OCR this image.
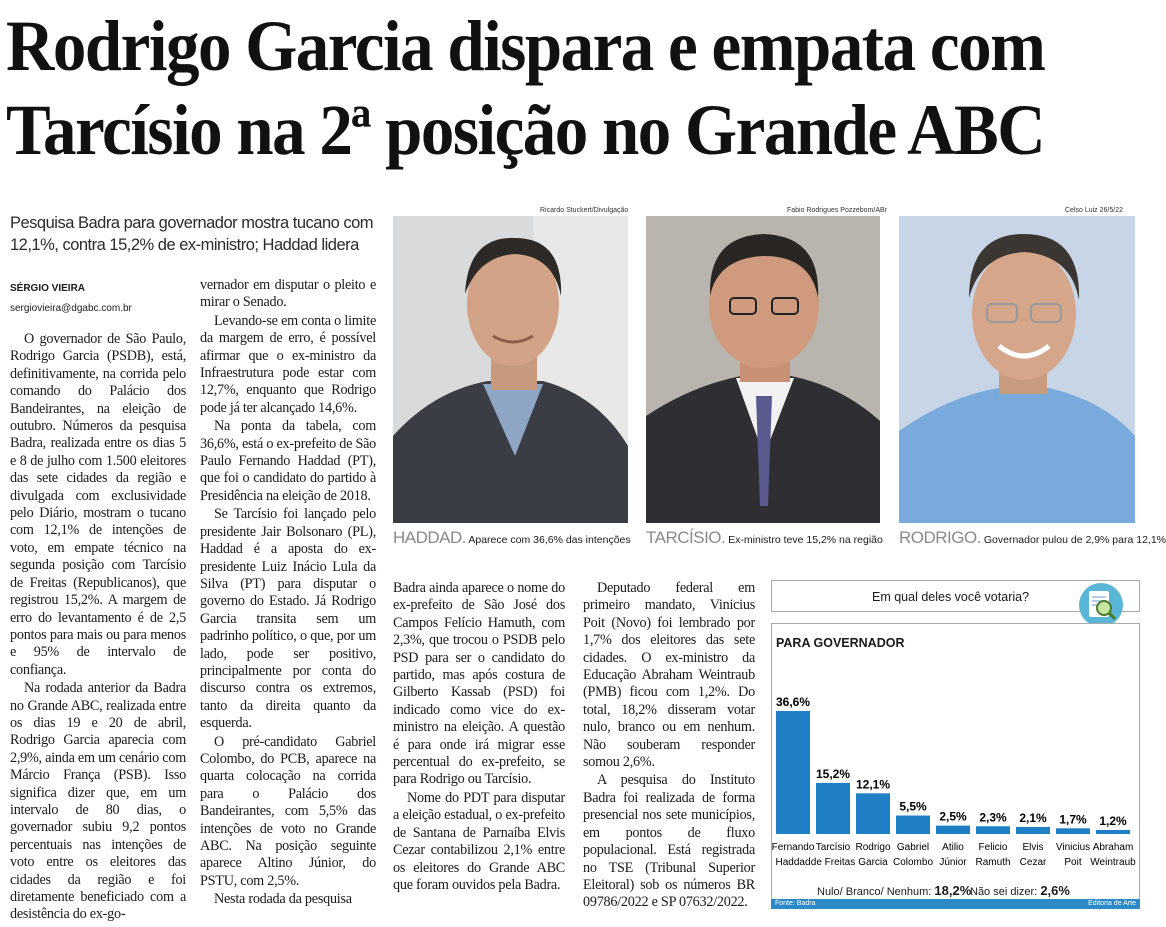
Rodrigo Garcia dispara e empata com
Tarcísio na 2ª posição no Grande ABC
Pesquisa Badra para governador mostra tucano com 12,1%, contra 15,2% de ex-ministro; Haddad lidera
SÉRGIO VIEIRA
sergiovieira@dgabc.com.br

O governador de São Paulo, Rodrigo Garcia (PSDB), está, definitivamente, na corrida pelo comando do Palácio dos Bandeirantes, na eleição de outubro. Números da pesquisa Badra, realizada entre os dias 5 e 8 de julho com 1.500 eleitores das sete cidades da região e divulgada com exclusividade pelo Diário, mostram o tucano com 12,1% de intenções de voto, em empate técnico na segunda posição com Tarcísio de Freitas (Republicanos), que registrou 15,2%. A margem de erro do levantamento é de 2,5 pontos para mais ou para menos e 95% de intervalo de confiança.

Na rodada anterior da Badra no Grande ABC, realizada entre os dias 19 e 20 de abril, Rodrigo Garcia aparecia com 2,9%, ainda em um cenário com Márcio França (PSB). Isso significa dizer que, em um intervalo de 80 dias, o governador subiu 9,2 pontos percentuais nas intenções de voto entre os eleitores das cidades da região e foi diretamente beneficiado com a desistência do ex-go-

vernador em disputar o pleito e mirar o Senado.

Levando-se em conta o limite da margem de erro, é possível afirmar que o ex-ministro da Infraestrutura pode estar com 12,7%, enquanto que Rodrigo pode já ter alcançado 14,6%.

Na ponta da tabela, com 36,6%, está o ex-prefeito de São Paulo Fernando Haddad (PT), que foi o candidato do partido à Presidência na eleição de 2018.

Se Tarcísio foi lançado pelo presidente Jair Bolsonaro (PL), Haddad é a aposta do ex-presidente Luiz Inácio Lula da Silva (PT) para disputar o governo do Estado. Já Rodrigo Garcia transita sem um padrinho político, o que, por um lado, pode ser positivo, principalmente por conta do discurso contra os extremos, tanto da direita quanto da esquerda.

O pré-candidato Gabriel Colombo, do PCB, aparece na quarta colocação na corrida para o Palácio dos Bandeirantes, com 5,5% das intenções de voto no Grande ABC. Na posição seguinte aparece Altino Júnior, do PSTU, com 2,5%.

Nesta rodada da pesquisa

Badra ainda aparece o nome do ex-prefeito de São José dos Campos Felício Hamuth, com 2,3%, que trocou o PSDB pelo PSD para ser o candidato do partido, mas após costura de Gilberto Kassab (PSD) foi indicado como vice do ex-ministro na eleição. A questão é para onde irá migrar esse percentual do ex-prefeito, se para Rodrigo ou Tarcísio.

Nome do PDT para disputar a eleição estadual, o ex-prefeito de Santana de Parnaíba Elvis Cezar contabilizou 2,1% entre os eleitores do Grande ABC que foram ouvidos pela Badra.

Deputado federal em primeiro mandato, Vinicius Poit (Novo) foi lembrado por 1,7% dos eleitores das sete cidades. O ex-ministro da Educação Abraham Weintraub (PMB) ficou com 1,2%. Do total, 18,2% disseram votar nulo, branco ou em nenhum. Não souberam responder somou 2,6%.

A pesquisa do Instituto Badra foi realizada de forma presencial nos sete municípios, em pontos de fluxo populacional. Está registrada no TSE (Tribunal Superior Eleitoral) sob os números BR 09786/2022 e SP 07632/2022.

Ricardo Stuckert/Divulgação	Fabio Rodrigues Pozzebom/ABr	Celso Luiz 26/5/22
HADDAD. Aparece com 36,6% das intenções TARCÍSIO. Ex-ministro teve 15,2% na região RODRIGO. Governador pulou de 2,9% para 12,1%
Em qual deles você votaria?
PARA GOVERNADOR
36,6%
Fernando
Haddad
15,2%
Tarcísio
de Freitas
12,1%
Rodrigo
Garcia
5,5%
Gabriel
Colombo
2,5%
Atilio
Júnior
2,3%
Felicio
Ramuth
2,1%
Elvis
Cezar
1,7%
Vinicius
Poit
1,2%
Abraham
Weintraub
Nulo/ Branco/ Nenhum: 18,2%
Não sei dizer: 2,6%
Fonte: Badra	Editoria de Arte
